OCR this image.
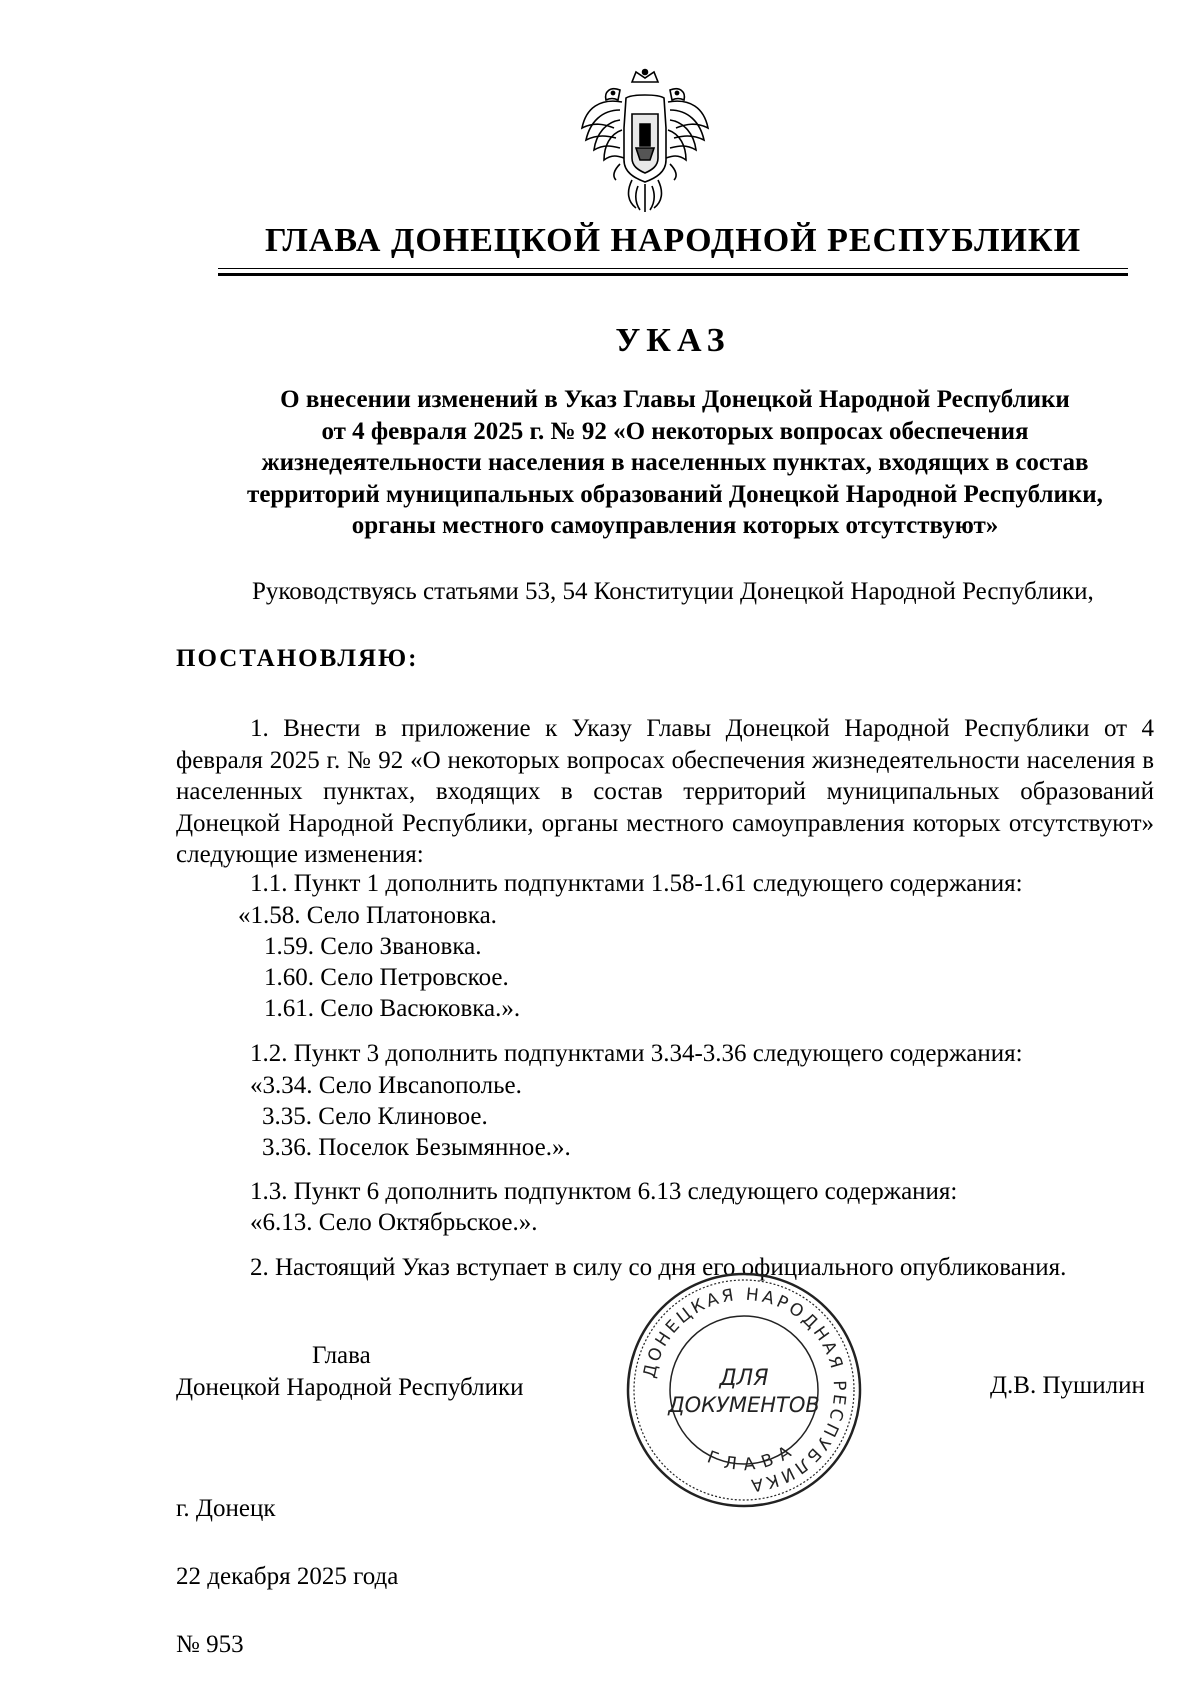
ГЛАВА ДОНЕЦКОЙ НАРОДНОЙ РЕСПУБЛИКИ
УКАЗ
О внесении изменений в Указ Главы Донецкой Народной Республики
от 4 февраля 2025 г. № 92 «О некоторых вопросах обеспечения
жизнедеятельности населения в населенных пунктах, входящих в состав
территорий муниципальных образований Донецкой Народной Республики,
органы местного самоуправления которых отсутствуют»
Руководствуясь статьями 53, 54 Конституции Донецкой Народной Республики,
ПОСТАНОВЛЯЮ:
1. Внести в приложение к Указу Главы Донецкой Народной Республики от 4 февраля 2025 г. № 92 «О некоторых вопросах обеспечения жизнедеятельности населения в населенных пунктах, входящих в состав территорий муниципальных образований Донецкой Народной Республики, органы местного самоуправления которых отсутствуют» следующие изменения:
1.1. Пункт 1 дополнить подпунктами 1.58-1.61 следующего содержания:
«1.58. Село Платоновка.
1.59. Село Звановка.
1.60. Село Петровское.
1.61. Село Васюковка.».
1.2. Пункт 3 дополнить подпунктами 3.34-3.36 следующего содержания:
«3.34. Село Ивcanoполье.
3.35. Село Клиновое.
3.36. Поселок Безымянное.».
1.3. Пункт 6 дополнить подпунктом 6.13 следующего содержания:
«6.13. Село Октябрьское.».
2. Настоящий Указ вступает в силу со дня его официального опубликования.
Глава
Донецкой Народной Республики	Д.В. Пушилин
ДОНЕЦКАЯ НАРОДНАЯ РЕСПУБЛИКА
ГЛАВА
ДЛЯ
ДОКУМЕНТОВ
г. Донецк
22 декабря 2025 года
№ 953
